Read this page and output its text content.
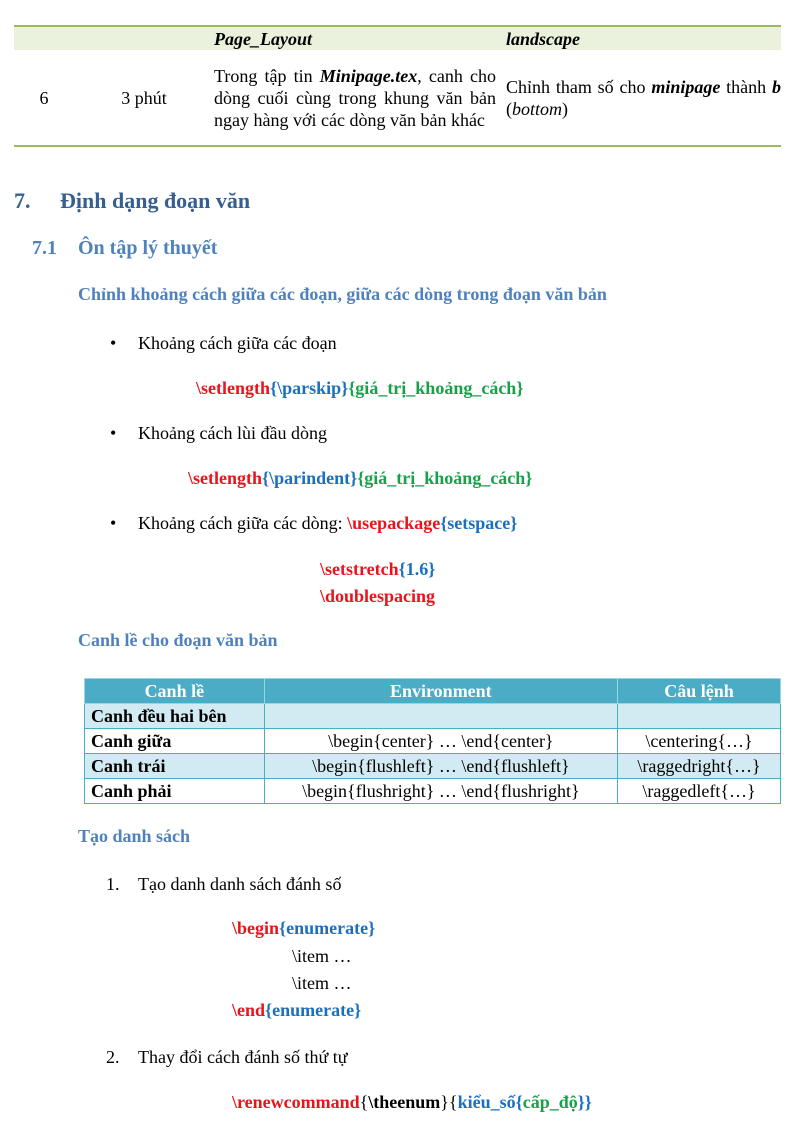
		Page_Layout	landscape
6	3 phút	Trong tập tin Minipage.tex, canh cho dòng cuối cùng trong khung văn bản ngay hàng với các dòng văn bản khác	Chỉnh tham số cho minipage thành b (bottom)
7. Định dạng đoạn văn
7.1 Ôn tập lý thuyết
Chỉnh khoảng cách giữa các đoạn, giữa các dòng trong đoạn văn bản
• Khoảng cách giữa các đoạn
\setlength{\parskip}{giá_trị_khoảng_cách}
• Khoảng cách lùi đầu dòng
\setlength{\parindent}{giá_trị_khoảng_cách}
• Khoảng cách giữa các dòng: \usepackage{setspace}
\setstretch{1.6}
\doublespacing
Canh lề cho đoạn văn bản
Canh lề	Environment	Câu lệnh
Canh đều hai bên		
Canh giữa	\begin{center} … \end{center}	\centering{…}
Canh trái	\begin{flushleft} … \end{flushleft}	\raggedright{…}
Canh phải	\begin{flushright} … \end{flushright}	\raggedleft{…}
Tạo danh sách
1. Tạo danh danh sách đánh số
\begin{enumerate}
\item …
\item …
\end{enumerate}
2. Thay đổi cách đánh số thứ tự
\renewcommand{\theenum}{kiểu_số{cấp_độ}}
